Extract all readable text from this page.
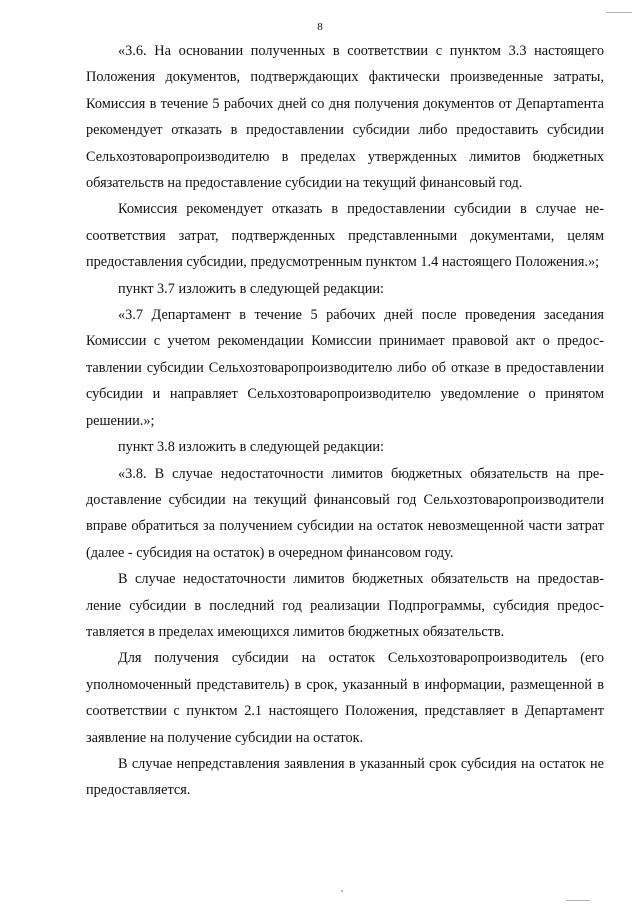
8

«3.6. На основании полученных в соответствии с пунктом 3.3 настоящего Положения документов, подтверждающих фактически произведенные затраты, Комиссия в течение 5 рабочих дней со дня получения документов от Департаmента рекомендует отказать в предоставлении субсидии либо предоставить субсидии Сельхозтоваропроизводителю в пределах утвержденных лимитов бюджетных обязательств на предоставление субсидии на текущий финансовый год.

Комиссия рекомендует отказать в предоставлении субсидии в случае несоответствия затрат, подтвержденных представленными документами, целям предоставления субсидии, предусмотренным пунктом 1.4 настоящего Положения.»;

пункт 3.7 изложить в следующей редакции:

«3.7 Департамент в течение 5 рабочих дней после проведения заседания Комиссии с учетом рекомендации Комиссии принимает правовой акт о предоставлении субсидии Сельхозтоваропроизводителю либо об отказе в предоставлении субсидии и направляет Сельхозтоваропроизводителю уведомление о принятом решении.»;

пункт 3.8 изложить в следующей редакции:

«3.8. В случае недостаточности лимитов бюджетных обязательств на предоставление субсидии на текущий финансовый год Сельхозтоваропроизводители вправе обратиться за получением субсидии на остаток невозмещенной части затрат (далее - субсидия на остаток) в очередном финансовом году.

В случае недостаточности лимитов бюджетных обязательств на предоставление субсидии в последний год реализации Подпрограммы, субсидия предоставляется в пределах имеющихся лимитов бюджетных обязательств.

Для получения субсидии на остаток Сельхозтоваропроизводитель (его уполномоченный представитель) в срок, указанный в информации, размещенной в соответствии с пунктом 2.1 настоящего Положения, представляет в Департамент заявление на получение субсидии на остаток.

В случае непредставления заявления в указанный срок субсидия на остаток не предоставляется.
